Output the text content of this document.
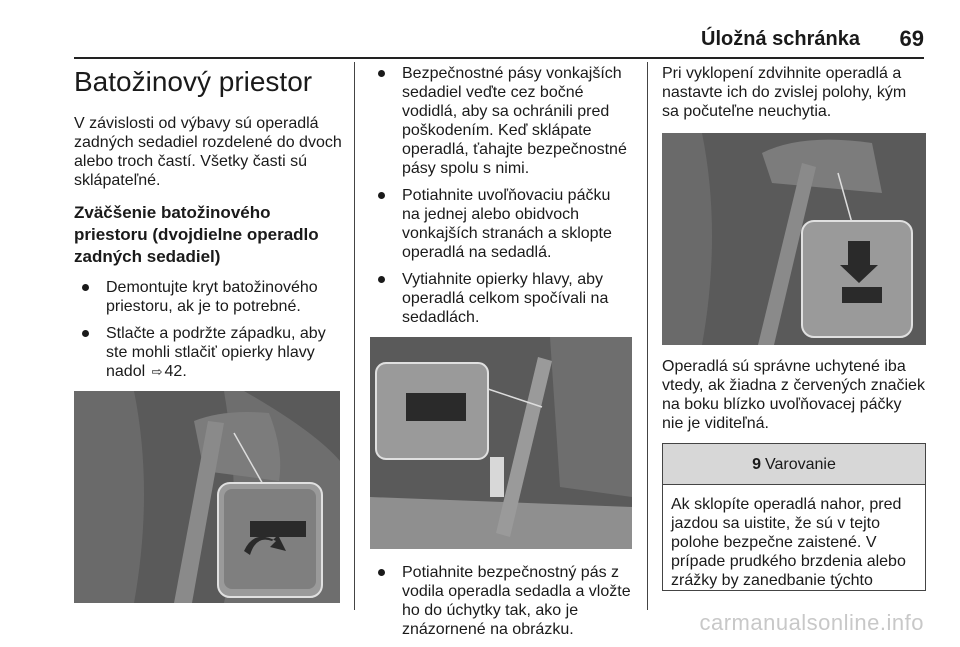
Úložná schránka 69
Batožinový priestor

V závislosti od výbavy sú operadlá zadných sedadiel rozdelené do dvoch alebo troch častí. Všetky časti sú sklápateľné.

Zväčšenie batožinového priestoru (dvojdielne operadlo zadných sedadiel)
Demontujte kryt batožinového priestoru, ak je to potrebné.
Stlačte a podržte západku, aby ste mohli stlačiť opierky hlavy nadol ⇨ 42.
Bezpečnostné pásy vonkajších sedadiel veďte cez bočné vodidlá, aby sa ochránili pred poškodením. Keď sklápate operadlá, ťahajte bezpečnostné pásy spolu s nimi.
Potiahnite uvoľňovaciu páčku na jednej alebo obidvoch vonkajších stranách a sklopte operadlá na sedadlá.
Vytiahnite opierky hlavy, aby operadlá celkom spočívali na sedadlách.
Potiahnite bezpečnostný pás z vodila operadla sedadla a vložte ho do úchytky tak, ako je znázornené na obrázku.

Pri vyklopení zdvihnite operadlá a nastavte ich do zvislej polohy, kým sa počuteľne neuchytia.

Operadlá sú správne uchytené iba vtedy, ak žiadna z červených značiek na boku blízko uvoľňovacej páčky nie je viditeľná.

9 Varovanie
Ak sklopíte operadlá nahor, pred jazdou sa uistite, že sú v tejto polohe bezpečne zaistené. V prípade prudkého brzdenia alebo zrážky by zanedbanie týchto
carmanualsonline.info
